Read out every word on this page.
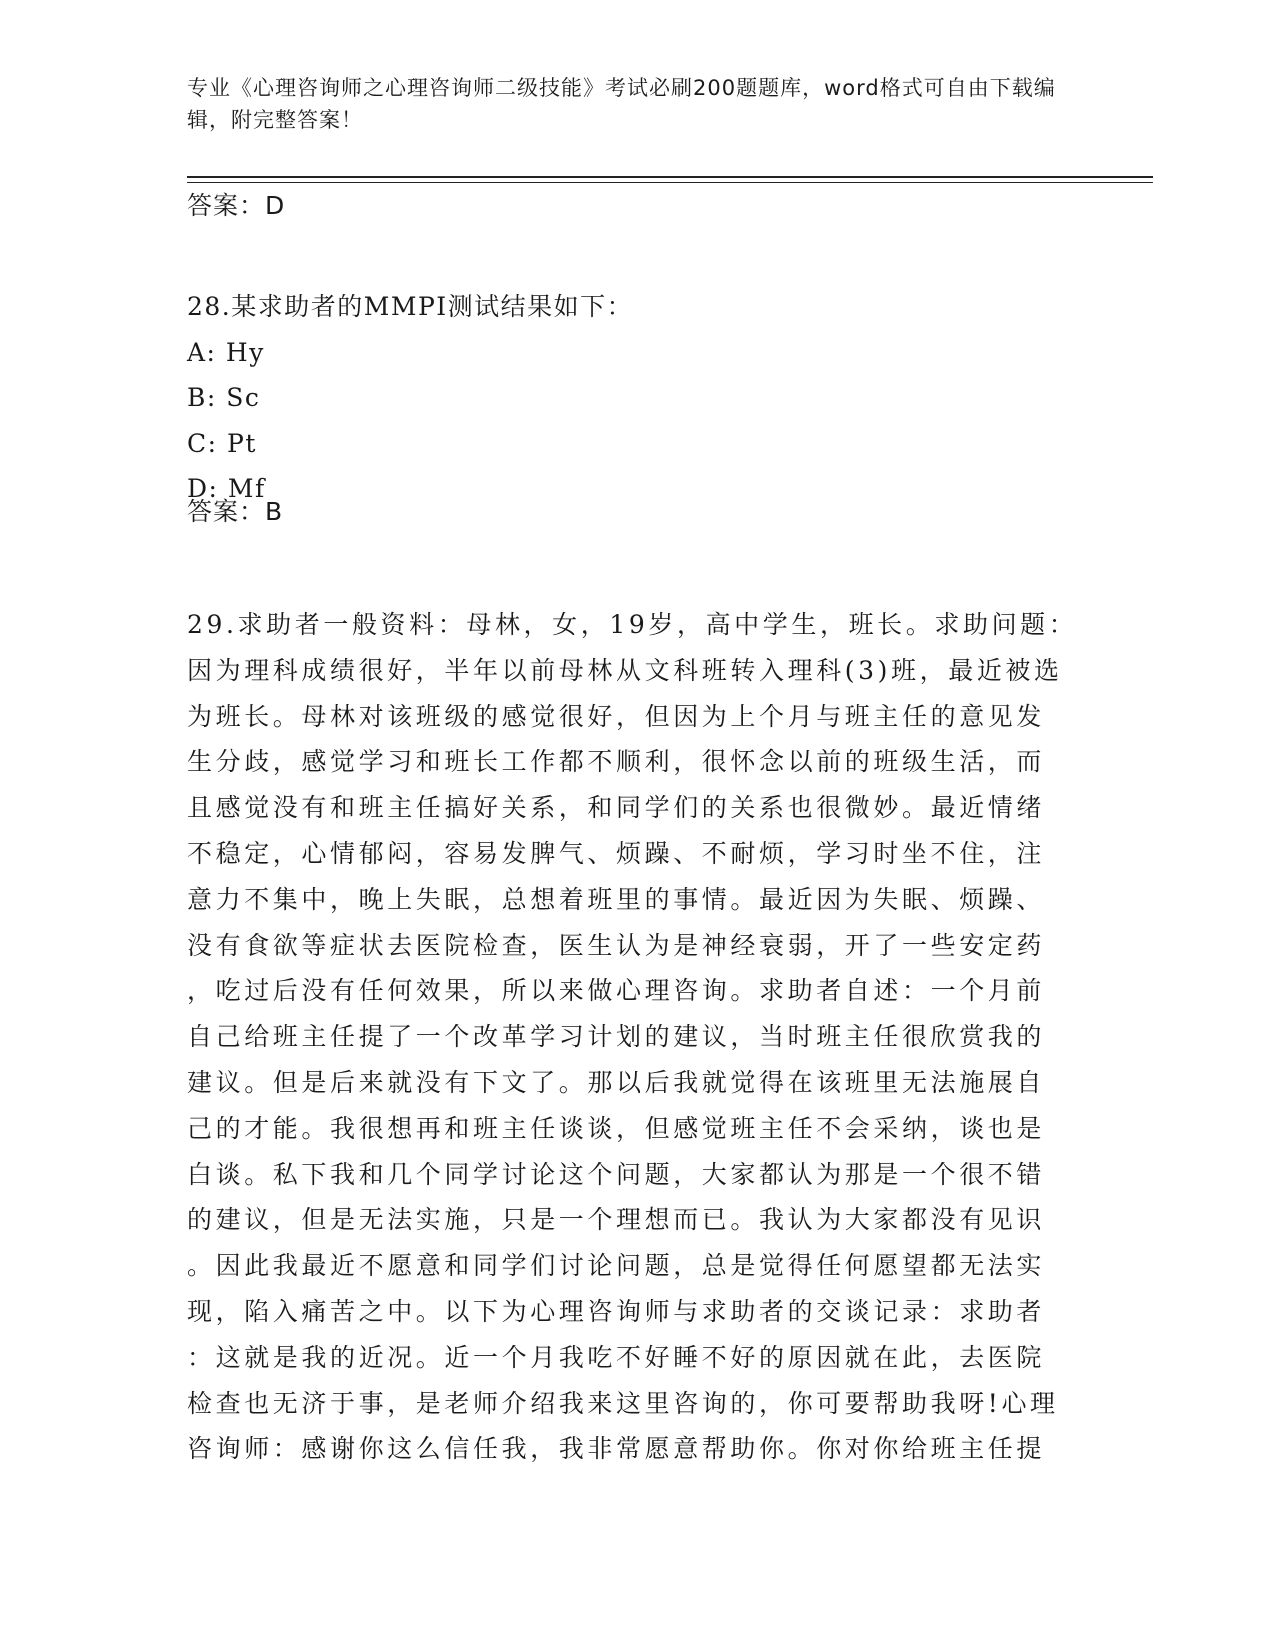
专业《心理咨询师之心理咨询师二级技能》考试必刷200题题库，word格式可自由下载编辑，附完整答案！

答案：D

28.某求助者的MMPI测试结果如下：

A: Hy

B: Sc

C: Pt

D: Mf

答案：B

29.求助者一般资料：母林，女，19岁，高中学生，班长。求助问题：
因为理科成绩很好，半年以前母林从文科班转入理科(3)班，最近被选
为班长。母林对该班级的感觉很好，但因为上个月与班主任的意见发
生分歧，感觉学习和班长工作都不顺利，很怀念以前的班级生活，而
且感觉没有和班主任搞好关系，和同学们的关系也很微妙。最近情绪
不稳定，心情郁闷，容易发脾气、烦躁、不耐烦，学习时坐不住，注
意力不集中，晚上失眠，总想着班里的事情。最近因为失眠、烦躁、
没有食欲等症状去医院检查，医生认为是神经衰弱，开了一些安定药
，吃过后没有任何效果，所以来做心理咨询。求助者自述：一个月前
自己给班主任提了一个改革学习计划的建议，当时班主任很欣赏我的
建议。但是后来就没有下文了。那以后我就觉得在该班里无法施展自
己的才能。我很想再和班主任谈谈，但感觉班主任不会采纳，谈也是
白谈。私下我和几个同学讨论这个问题，大家都认为那是一个很不错
的建议，但是无法实施，只是一个理想而已。我认为大家都没有见识
。因此我最近不愿意和同学们讨论问题，总是觉得任何愿望都无法实
现，陷入痛苦之中。以下为心理咨询师与求助者的交谈记录：求助者
：这就是我的近况。近一个月我吃不好睡不好的原因就在此，去医院
检查也无济于事，是老师介绍我来这里咨询的，你可要帮助我呀!心理
咨询师：感谢你这么信任我，我非常愿意帮助你。你对你给班主任提
